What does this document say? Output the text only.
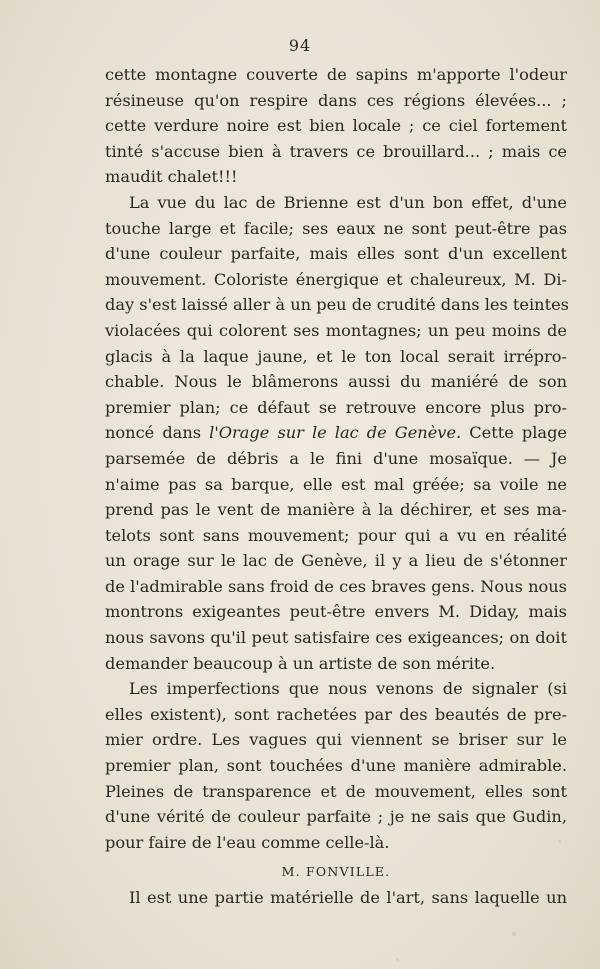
94

cette montagne couverte de sapins m'apporte l'odeur
résineuse qu'on respire dans ces régions élevées... ;
cette verdure noire est bien locale ; ce ciel fortement
tinté s'accuse bien à travers ce brouillard... ; mais ce
maudit chalet!!!

La vue du lac de Brienne est d'un bon effet, d'une
touche large et facile; ses eaux ne sont peut-être pas
d'une couleur parfaite, mais elles sont d'un excellent
mouvement. Coloriste énergique et chaleureux, M. Di-
day s'est laissé aller à un peu de crudité dans les teintes
violacées qui colorent ses montagnes; un peu moins de
glacis à la laque jaune, et le ton local serait irrépro-
chable. Nous le blâmerons aussi du maniéré de son
premier plan; ce défaut se retrouve encore plus pro-
noncé dans l'Orage sur le lac de Genève. Cette plage
parsemée de débris a le fini d'une mosaïque. — Je
n'aime pas sa barque, elle est mal gréée; sa voile ne
prend pas le vent de manière à la déchirer, et ses ma-
telots sont sans mouvement; pour qui a vu en réalité
un orage sur le lac de Genève, il y a lieu de s'étonner
de l'admirable sans froid de ces braves gens. Nous nous
montrons exigeantes peut-être envers M. Diday, mais
nous savons qu'il peut satisfaire ces exigeances; on doit
demander beaucoup à un artiste de son mérite.

Les imperfections que nous venons de signaler (si
elles existent), sont rachetées par des beautés de pre-
mier ordre. Les vagues qui viennent se briser sur le
premier plan, sont touchées d'une manière admirable.
Pleines de transparence et de mouvement, elles sont
d'une vérité de couleur parfaite ; je ne sais que Gudin,
pour faire de l'eau comme celle-là.

M. FONVILLE.

Il est une partie matérielle de l'art, sans laquelle un
